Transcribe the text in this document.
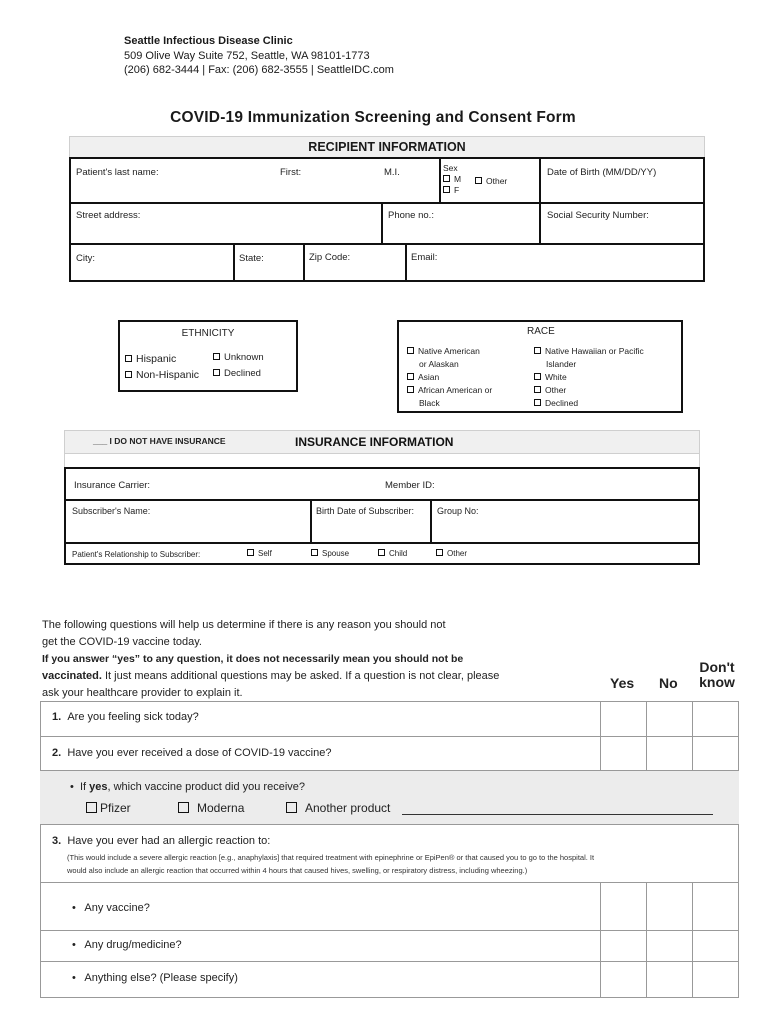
Seattle Infectious Disease Clinic
509 Olive Way Suite 752, Seattle, WA 98101-1773
(206) 682-3444 | Fax: (206) 682-3555 | SeattleIDC.com
COVID-19 Immunization Screening and Consent Form
RECIPIENT INFORMATION
Patient's last name:	First:	M.I.	Sex
M
F
Other
Date of Birth (MM/DD/YY)
Street address:	Phone no.:	Social Security Number:
City:	State:	Zip Code:	Email:
ETHNICITY
Hispanic
Non-Hispanic
Unknown
Declined
RACE
Native American
or Alaskan
Asian
African American or
Black
Native Hawaiian or Pacific
Islander
White
Other
Declined
___ I DO NOT HAVE INSURANCE	INSURANCE INFORMATION
Insurance Carrier:	Member ID:
Subscriber's Name:	Birth Date of Subscriber:	Group No:
Patient's Relationship to Subscriber:	Self	Spouse	Child	Other
The following questions will help us determine if there is any reason you should not
get the COVID-19 vaccine today.
If you answer “yes” to any question, it does not necessarily mean you should not be
vaccinated. It just means additional questions may be asked. If a question is not clear, please
ask your healthcare provider to explain it.
Yes No
Don't
know
1. Are you feeling sick today?
2. Have you ever received a dose of COVID-19 vaccine?
•  If yes, which vaccine product did you receive?
Pfizer	Moderna	Another product
3. Have you ever had an allergic reaction to:
(This would include a severe allergic reaction [e.g., anaphylaxis] that required treatment with epinephrine or EpiPen® or that caused you to go to the hospital. It
would also include an allergic reaction that occurred within 4 hours that caused hives, swelling, or respiratory distress, including wheezing.)
•   Any vaccine?
•   Any drug/medicine?
•   Anything else? (Please specify)
